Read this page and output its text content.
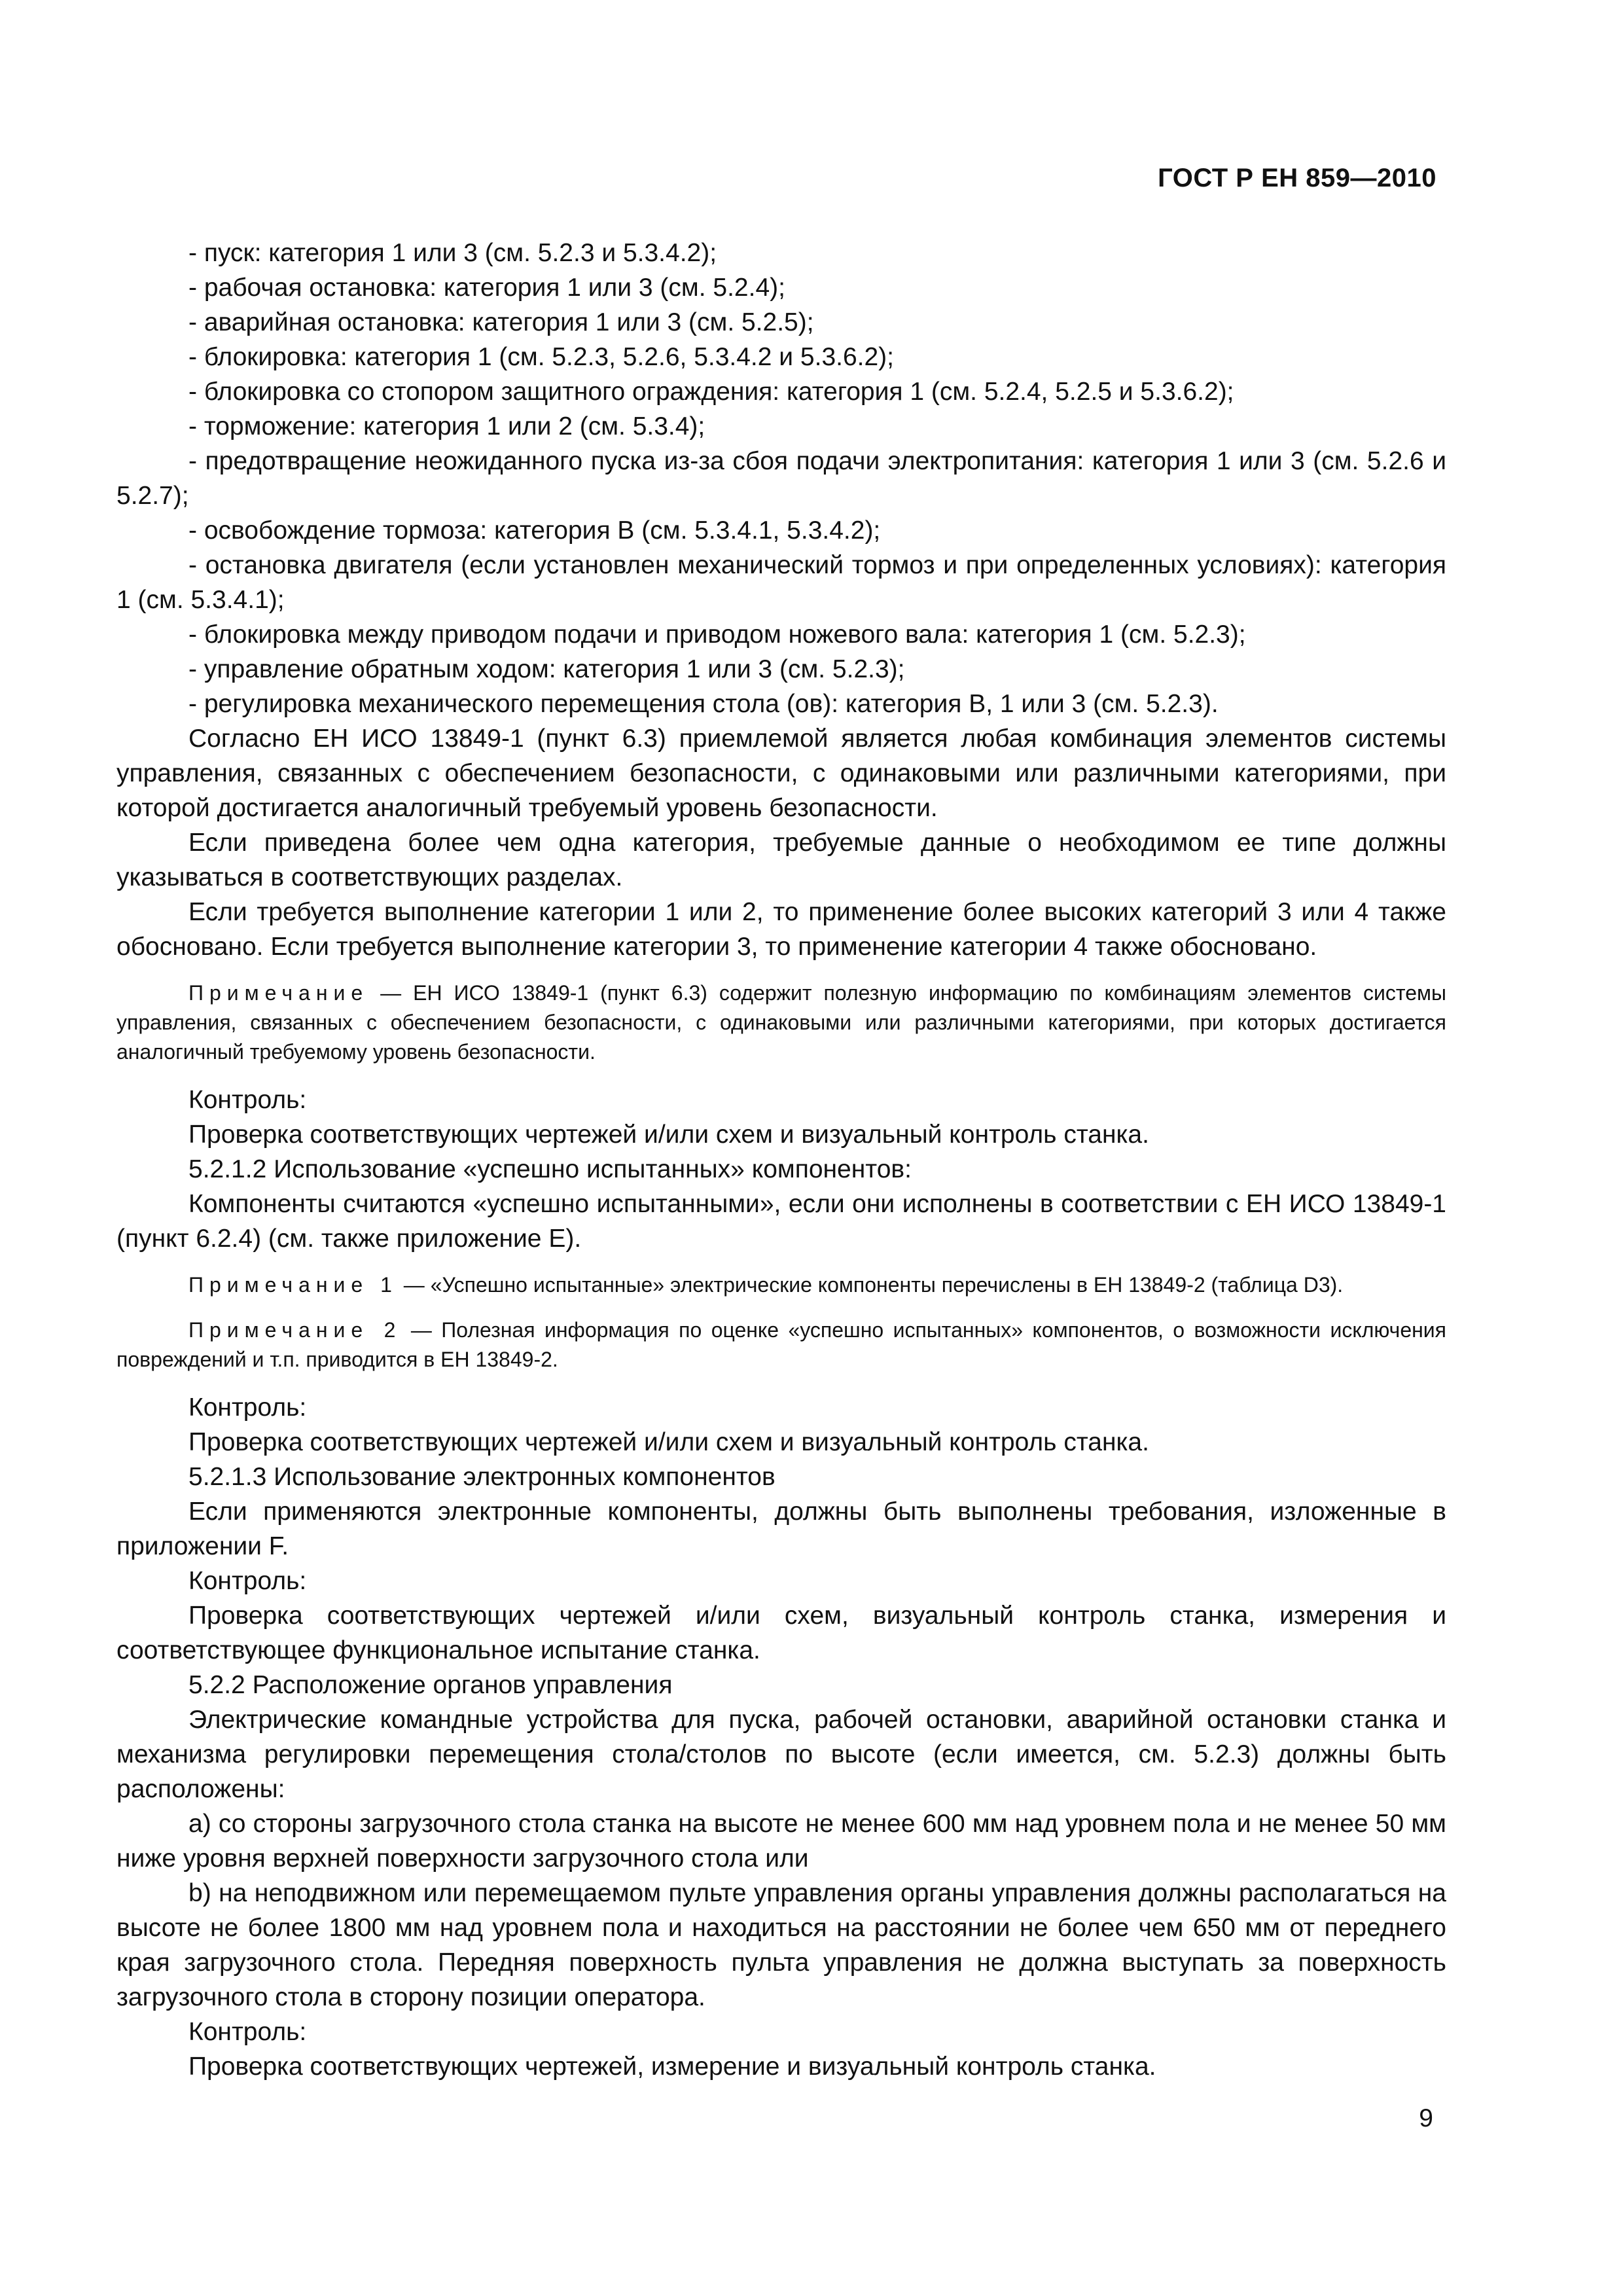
ГОСТ Р ЕН 859—2010

- пуск: категория 1 или 3 (см. 5.2.3 и 5.3.4.2);

- рабочая остановка: категория 1 или 3 (см. 5.2.4);

- аварийная остановка: категория 1 или 3 (см. 5.2.5);

- блокировка: категория 1 (см. 5.2.3, 5.2.6, 5.3.4.2 и 5.3.6.2);

- блокировка со стопором защитного ограждения: категория 1 (см. 5.2.4, 5.2.5 и 5.3.6.2);

- торможение: категория 1 или 2 (см. 5.3.4);

- предотвращение неожиданного пуска из-за сбоя подачи электропитания: категория 1 или 3 (см. 5.2.6 и 5.2.7);

- освобождение тормоза: категория В (см. 5.3.4.1, 5.3.4.2);

- остановка двигателя (если установлен механический тормоз и при определенных условиях): категория 1 (см. 5.3.4.1);

- блокировка между приводом подачи и приводом ножевого вала: категория 1 (см. 5.2.3);

- управление обратным ходом: категория 1 или 3 (см. 5.2.3);

- регулировка механического перемещения стола (ов): категория В, 1 или 3 (см. 5.2.3).

Согласно ЕН ИСО 13849-1 (пункт 6.3) приемлемой является любая комбинация элементов системы управления, связанных с обеспечением безопасности, с одинаковыми или различными категориями, при которой достигается аналогичный требуемый уровень безопасности.

Если приведена более чем одна категория, требуемые данные о необходимом ее типе должны указываться в соответствующих разделах.

Если требуется выполнение категории 1 или 2, то применение более высоких категорий 3 или 4 также обосновано. Если требуется выполнение категории 3, то применение категории 4 также обосновано.

Примечание — ЕН ИСО 13849-1 (пункт 6.3) содержит полезную информацию по комбинациям элементов системы управления, связанных с обеспечением безопасности, с одинаковыми или различными категориями, при которых достигается аналогичный требуемому уровень безопасности.

Контроль:

Проверка соответствующих чертежей и/или схем и визуальный контроль станка.

5.2.1.2 Использование «успешно испытанных» компонентов:

Компоненты считаются «успешно испытанными», если они исполнены в соответствии с ЕН ИСО 13849-1 (пункт 6.2.4) (см. также приложение Е).

Примечание 1 — «Успешно испытанные» электрические компоненты перечислены в ЕН 13849-2 (таблица D3).

Примечание 2 — Полезная информация по оценке «успешно испытанных» компонентов, о возможности исключения повреждений и т.п. приводится в ЕН 13849-2.

Контроль:

Проверка соответствующих чертежей и/или схем и визуальный контроль станка.

5.2.1.3 Использование электронных компонентов

Если применяются электронные компоненты, должны быть выполнены требования, изложенные в приложении F.

Контроль:

Проверка соответствующих чертежей и/или схем, визуальный контроль станка, измерения и соответствующее функциональное испытание станка.

5.2.2 Расположение органов управления

Электрические командные устройства для пуска, рабочей остановки, аварийной остановки станка и механизма регулировки перемещения стола/столов по высоте (если имеется, см. 5.2.3) должны быть расположены:

a) со стороны загрузочного стола станка на высоте не менее 600 мм над уровнем пола и не менее 50 мм ниже уровня верхней поверхности загрузочного стола или

b) на неподвижном или перемещаемом пульте управления органы управления должны располагаться на высоте не более 1800 мм над уровнем пола и находиться на расстоянии не более чем 650 мм от переднего края загрузочного стола. Передняя поверхность пульта управления не должна выступать за поверхность загрузочного стола в сторону позиции оператора.

Контроль:

Проверка соответствующих чертежей, измерение и визуальный контроль станка.

9
